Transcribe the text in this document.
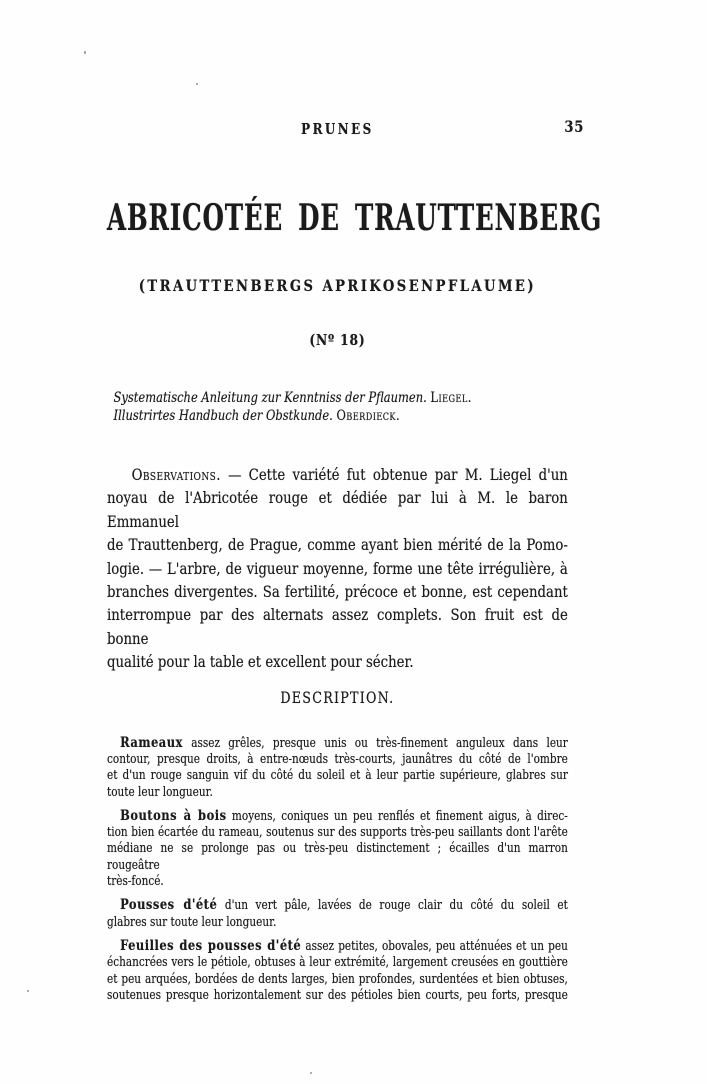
PRUNES	35
ABRICOTÉE DE TRAUTTENBERG
(TRAUTTENBERGS APRIKOSENPFLAUME)
(Nº 18)
Systematische Anleitung zur Kenntniss der Pflaumen. Liegel.
Illustrirtes Handbuch der Obstkunde. Oberdieck.
Observations. — Cette variété fut obtenue par M. Liegel d'un
noyau de l'Abricotée rouge et dédiée par lui à M. le baron Emmanuel
de Trauttenberg, de Prague, comme ayant bien mérité de la Pomo-
logie. — L'arbre, de vigueur moyenne, forme une tête irrégulière, à
branches divergentes. Sa fertilité, précoce et bonne, est cependant
interrompue par des alternats assez complets. Son fruit est de bonne
qualité pour la table et excellent pour sécher.
DESCRIPTION.
Rameaux assez grêles, presque unis ou très-finement anguleux dans leur
contour, presque droits, à entre-nœuds très-courts, jaunâtres du côté de l'ombre
et d'un rouge sanguin vif du côté du soleil et à leur partie supérieure, glabres sur
toute leur longueur.
Boutons à bois moyens, coniques un peu renflés et finement aigus, à direc-
tion bien écartée du rameau, soutenus sur des supports très-peu saillants dont l'arête
médiane ne se prolonge pas ou très-peu distinctement ; écailles d'un marron rougeâtre
très-foncé.
Pousses d'été d'un vert pâle, lavées de rouge clair du côté du soleil et
glabres sur toute leur longueur.
Feuilles des pousses d'été assez petites, obovales, peu atténuées et un peu
échancrées vers le pétiole, obtuses à leur extrémité, largement creusées en gouttière
et peu arquées, bordées de dents larges, bien profondes, surdentées et bien obtuses,
soutenues presque horizontalement sur des pétioles bien courts, peu forts, presque
